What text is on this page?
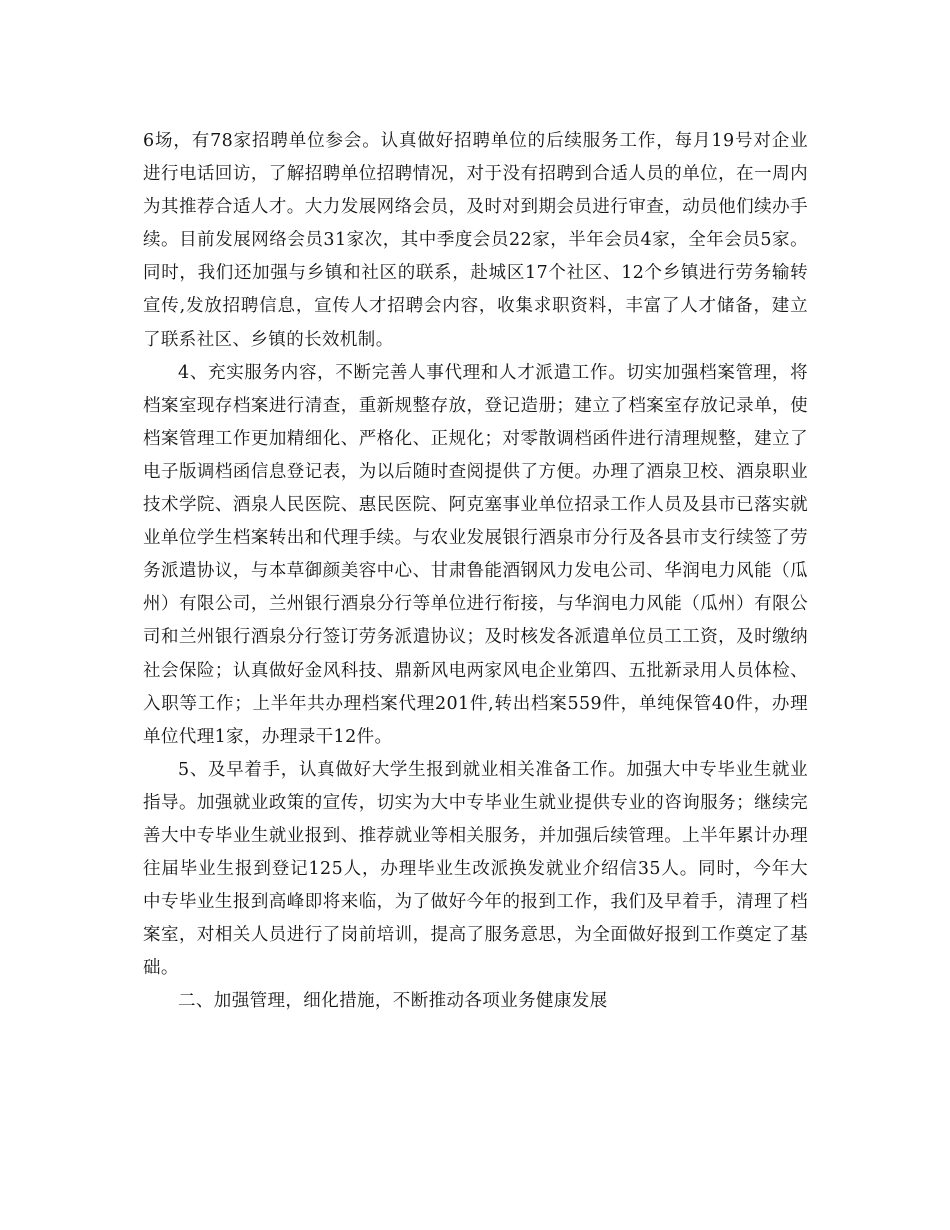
6场，有78家招聘单位参会。认真做好招聘单位的后续服务工作，每月19号对企业进行电话回访，了解招聘单位招聘情况，对于没有招聘到合适人员的单位，在一周内为其推荐合适人才。大力发展网络会员，及时对到期会员进行审查，动员他们续办手续。目前发展网络会员31家次，其中季度会员22家，半年会员4家，全年会员5家。同时，我们还加强与乡镇和社区的联系，赴城区17个社区、12个乡镇进行劳务输转宣传,发放招聘信息，宣传人才招聘会内容，收集求职资料，丰富了人才储备，建立了联系社区、乡镇的长效机制。

4、充实服务内容，不断完善人事代理和人才派遣工作。切实加强档案管理，将档案室现存档案进行清查，重新规整存放，登记造册；建立了档案室存放记录单，使档案管理工作更加精细化、严格化、正规化；对零散调档函件进行清理规整，建立了电子版调档函信息登记表，为以后随时查阅提供了方便。办理了酒泉卫校、酒泉职业技术学院、酒泉人民医院、惠民医院、阿克塞事业单位招录工作人员及县市已落实就业单位学生档案转出和代理手续。与农业发展银行酒泉市分行及各县市支行续签了劳务派遣协议，与本草御颜美容中心、甘肃鲁能酒钢风力发电公司、华润电力风能（瓜州）有限公司，兰州银行酒泉分行等单位进行衔接，与华润电力风能（瓜州）有限公司和兰州银行酒泉分行签订劳务派遣协议；及时核发各派遣单位员工工资，及时缴纳社会保险；认真做好金风科技、鼎新风电两家风电企业第四、五批新录用人员体检、入职等工作；上半年共办理档案代理201件,转出档案559件，单纯保管40件，办理单位代理1家，办理录干12件。

5、及早着手，认真做好大学生报到就业相关准备工作。加强大中专毕业生就业指导。加强就业政策的宣传，切实为大中专毕业生就业提供专业的咨询服务；继续完善大中专毕业生就业报到、推荐就业等相关服务，并加强后续管理。上半年累计办理往届毕业生报到登记125人，办理毕业生改派换发就业介绍信35人。同时，今年大中专毕业生报到高峰即将来临，为了做好今年的报到工作，我们及早着手，清理了档案室，对相关人员进行了岗前培训，提高了服务意思，为全面做好报到工作奠定了基础。

二、加强管理，细化措施，不断推动各项业务健康发展
